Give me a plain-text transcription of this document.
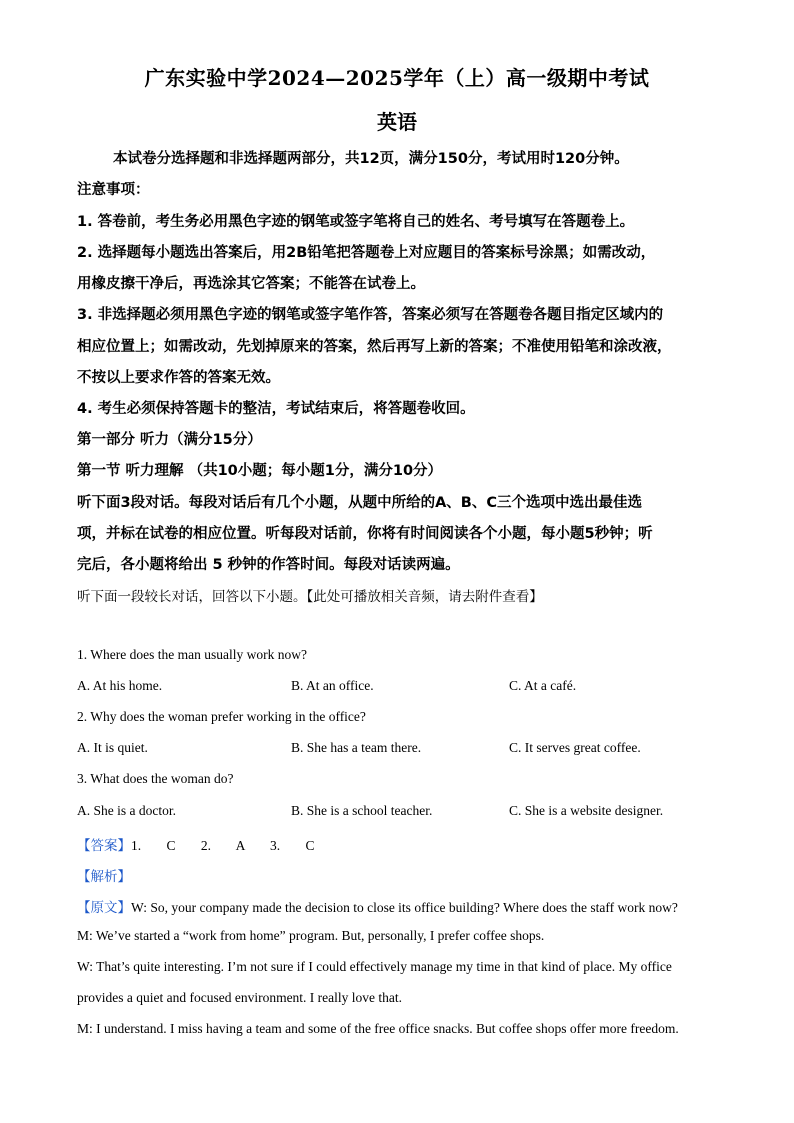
广东实验中学2024—2025学年（上）高一级期中考试
英语
本试卷分选择题和非选择题两部分，共12页，满分150分，考试用时120分钟。
注意事项：
1. 答卷前，考生务必用黑色字迹的钢笔或签字笔将自己的姓名、考号填写在答题卷上。
2. 选择题每小题选出答案后，用2B铅笔把答题卷上对应题目的答案标号涂黑；如需改动，
用橡皮擦干净后，再选涂其它答案；不能答在试卷上。
3. 非选择题必须用黑色字迹的钢笔或签字笔作答，答案必须写在答题卷各题目指定区域内的
相应位置上；如需改动，先划掉原来的答案，然后再写上新的答案；不准使用铅笔和涂改液，
不按以上要求作答的答案无效。
4. 考生必须保持答题卡的整洁，考试结束后，将答题卷收回。
第一部分 听力（满分15分）
第一节 听力理解 （共10小题；每小题1分，满分10分）
听下面3段对话。每段对话后有几个小题，从题中所给的A、B、C三个选项中选出最佳选
项，并标在试卷的相应位置。听每段对话前，你将有时间阅读各个小题，每小题5秒钟；听
完后，各小题将给出 5 秒钟的作答时间。每段对话读两遍。
听下面一段较长对话，回答以下小题。【此处可播放相关音频，请去附件查看】
1. Where does the man usually work now?
A. At his home.	B. At an office.	C. At a café.
2. Why does the woman prefer working in the office?
A. It is quiet.	B. She has a team there.	C. It serves great coffee.
3. What does the woman do?
A. She is a doctor.	B. She is a school teacher.	C. She is a website designer.
【答案】1. C 2. A 3. C
【解析】
【原文】W: So, your company made the decision to close its office building? Where does the staff work now?
M: We’ve started a “work from home” program. But, personally, I prefer coffee shops.
W: That’s quite interesting. I’m not sure if I could effectively manage my time in that kind of place. My office
provides a quiet and focused environment. I really love that.
M: I understand. I miss having a team and some of the free office snacks. But coffee shops offer more freedom.
